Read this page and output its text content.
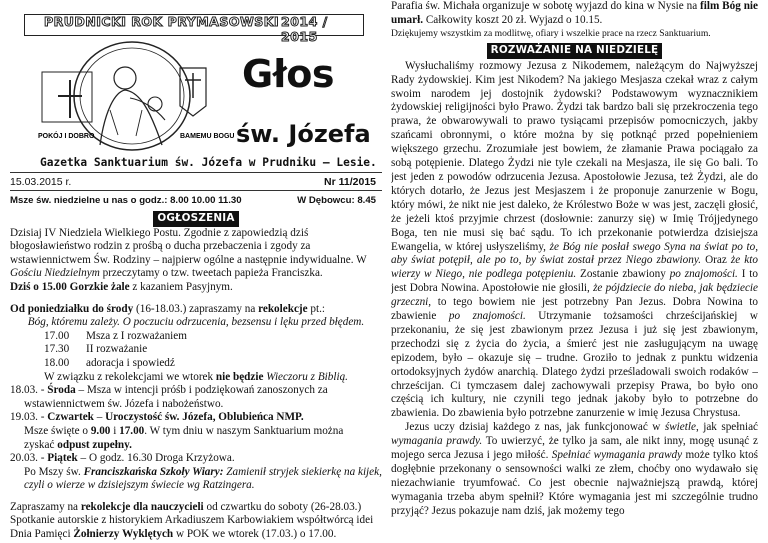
PRUDNICKI ROK PRYMASOWSKI 2014 / 2015
POKÓJ I DOBRO	BAMEMU BOGU
Głos
św. Józefa
Gazetka Sanktuarium św. Józefa w Prudniku – Lesie.
15.03.2015 r.	Nr 11/2015
Msze św. niedzielne u nas o godz.: 8.00 10.00 11.30	W Dębowcu: 8.45
OGŁOSZENIA

Dzisiaj IV Niedziela Wielkiego Postu. Zgodnie z zapowiedzią dziś błogosławieństwo rodzin z prośbą o ducha przebaczenia i zgody za wstawiennictwem Św. Rodziny – najpierw ogólne a następnie indywidualne. W Gościu Niedzielnym przeczytamy o tzw. tweetach papieża Franciszka.

Dziś o 15.00 Gorzkie żale z kazaniem Pasyjnym.

Od poniedziałku do środy (16-18.03.) zapraszamy na rekolekcje pt.:

Bóg, któremu zależy. O poczuciu odrzucenia, bezsensu i lęku przed błędem.

17.00	Msza z I rozważaniem

17.30	II rozważanie

18.00	adoracja i spowiedź

W związku z rekolekcjami we wtorek nie będzie Wieczoru z Biblią.

18.03. - Środa – Msza w intencji próśb i podziękowań zanoszonych za

wstawiennictwem św. Józefa i nabożeństwo.

19.03. - Czwartek – Uroczystość św. Józefa, Oblubieńca NMP.

Msze święte o 9.00 i 17.00. W tym dniu w naszym Sanktuarium można

zyskać odpust zupełny.

20.03. - Piątek – O godz. 16.30 Droga Krzyżowa.

Po Mszy św. Franciszkańska Szkoły Wiary: Zamienił stryjek siekierkę na kijek, czyli o wierze w dzisiejszym świecie wg Ratzingera.

Zapraszamy na rekolekcje dla nauczycieli od czwartku do soboty (26-28.03.) Spotkanie autorskie z historykiem Arkadiuszem Karbowiakiem współtwórcą idei Dnia Pamięci Żołnierzy Wyklętych w POK we wtorek (17.03.) o 17.00.

Parafia św. Michała organizuje w sobotę wyjazd do kina w Nysie na film Bóg nie umarł. Całkowity koszt 20 zł. Wyjazd o 10.15.

Dziękujemy wszystkim za modlitwę, ofiary i wszelkie prace na rzecz Sanktuarium.

ROZWAŻANIE NA NIEDZIELĘ

Wysłuchaliśmy rozmowy Jezusa z Nikodemem, należącym do Najwyższej Rady żydowskiej. Kim jest Nikodem? Na jakiego Mesjasza czekał wraz z całym swoim narodem jej dostojnik żydowski? Podstawowym wyznacznikiem żydowskiej religijności było Prawo. Żydzi tak bardzo bali się przekroczenia tego prawa, że obwarowywali to prawo tysiącami przepisów pomocniczych, jakby szańcami obronnymi, o które można by się potknąć przed popełnieniem większego grzechu. Zrozumiałe jest bowiem, że złamanie Prawa pociągało za sobą potępienie. Dlatego Żydzi nie tyle czekali na Mesjasza, ile się Go bali. To jest jeden z powodów odrzucenia Jezusa. Apostołowie Jezusa, też Żydzi, ale do których dotarło, że Jezus jest Mesjaszem i że proponuje zanurzenie w Bogu, który mówi, że nikt nie jest daleko, że Królestwo Boże w was jest, zaczęli głosić, że jeżeli ktoś przyjmie chrzest (dosłownie: zanurzy się) w Imię Trójjedynego Boga, ten nie musi się bać sądu. To ich przekonanie potwierdza dzisiejsza Ewangelia, w której usłyszeliśmy, że Bóg nie posłał swego Syna na świat po to, aby świat potępił, ale po to, by świat został przez Niego zbawiony. Oraz że kto wierzy w Niego, nie podlega potępieniu. Zostanie zbawiony po znajomości. I to jest Dobra Nowina. Apostołowie nie głosili, że pójdziecie do nieba, jak będziecie grzeczni, to tego bowiem nie jest potrzebny Pan Jezus. Dobra Nowina to zbawienie po znajomości. Utrzymanie tożsamości chrześcijańskiej w przekonaniu, że się jest zbawionym przez Jezusa i już się jest zbawionym, przechodzi się z życia do życia, a śmierć jest nie zasługującym na uwagę epizodem, było – okazuje się – trudne. Groziło to jednak z punktu widzenia ortodoksyjnych żydów anarchią. Dlatego żydzi prześladowali swoich rodaków – chrześcijan. Ci tymczasem dalej zachowywali przepisy Prawa, bo było ono częścią ich kultury, nie czynili tego jednak jakoby było to potrzebne do zbawienia. Do zbawienia było potrzebne zanurzenie w imię Jezusa Chrystusa.

Jezus uczy dzisiaj każdego z nas, jak funkcjonować w świetle, jak spełniać wymagania prawdy. To uwierzyć, że tylko ja sam, ale nikt inny, mogę usunąć z mojego serca Jezusa i jego miłość. Spełniać wymagania prawdy może tylko ktoś dogłębnie przekonany o sensowności walki ze złem, choćby ono wydawało się niezachwianie tryumfować. Co jest obecnie najważniejszą prawdą, której wymagania trzeba abym spełnił? Które wymagania jest mi szczególnie trudno przyjąć? Jezus pokazuje nam dziś, jak możemy tego
